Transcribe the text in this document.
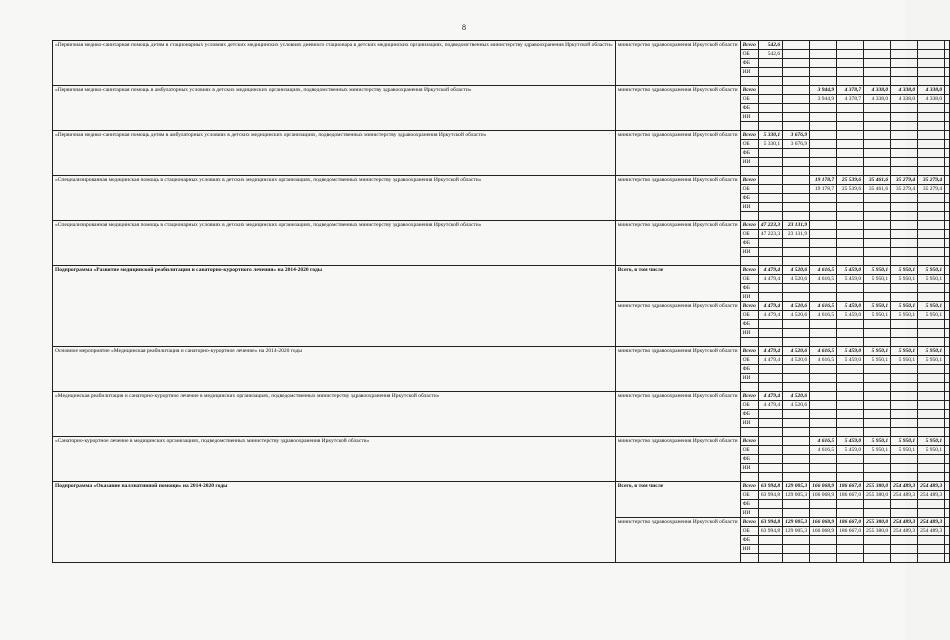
8
«Первичная медико-санитарная помощь детям в стационарных условиях детских медицинских условиях дневного стационара в детских медицинских организациях, подведомственных министерству здравоохранения Иркутской области»	министерство здравоохранения Иркутской области	Всего	542,6							
		ОБ	542,6							
		ФБ								
		ИИ								

«Первичная медико-санитарная помощь в амбулаторных условиях в детских медицинских организациях, подведомственных министерству здравоохранения Иркутской области»	министерство здравоохранения Иркутской области	Всего			3 944,9	4 378,7	4 338,0	4 338,0	4 338,0	
		ОБ			3 944,9	4 378,7	4 338,0	4 338,0	4 338,0	
		ФБ								
		ИИ								

«Первичная медико-санитарная помощь детям в амбулаторных условиях в детских медицинских организациях, подведомственных министерству здравоохранения Иркутской области»	министерство здравоохранения Иркутской области	Всего	5 330,1	3 676,9						
		ОБ	5 330,1	3 676,9						
		ФБ								
		ИИ								

«Специализированная медицинская помощь в стационарных условиях в детских медицинских организациях, подведомственных министерству здравоохранения Иркутской области»	министерство здравоохранения Иркутской области	Всего			19 178,7	25 539,6	35 461,6	35 279,4	35 279,4	
		ОБ			19 178,7	25 539,6	35 461,6	35 279,4	35 279,4	
		ФБ								
		ИИ								

«Специализированная медицинская помощь в стационарных условиях в детских медицинских организациях, подведомственных министерству здравоохранения Иркутской области»	министерство здравоохранения Иркутской области	Всего	47 223,3	23 131,9						
		ОБ	47 223,3	23 131,9						
		ФБ								
		ИИ								

Подпрограмма «Развитие медицинской реабилитации и санаторно-курортного лечения» на 2014-2020 годы	Всего, в том числе	Всего	4 479,4	4 520,6	4 616,5	5 459,0	5 950,1	5 950,1	5 950,1	
		ОБ	4 479,4	4 520,6	4 616,5	5 459,0	5 950,1	5 950,1	5 950,1	
		ФБ								
		ИИ								
	министерство здравоохранения Иркутской области	Всего	4 479,4	4 520,6	4 616,5	5 459,0	5 950,1	5 950,1	5 950,1	
		ОБ	4 479,4	4 520,6	4 616,5	5 459,0	5 950,1	5 950,1	5 950,1	
		ФБ								
		ИИ								

Основное мероприятие «Медицинская реабилитация и санаторно-курортное лечение» на 2014-2020 годы	министерство здравоохранения Иркутской области	Всего	4 479,4	4 520,6	4 616,5	5 459,0	5 950,1	5 950,1	5 950,1	
		ОБ	4 479,4	4 520,6	4 616,5	5 459,0	5 950,1	5 950,1	5 950,1	
		ФБ								
		ИИ								

«Медицинская реабилитация и санаторно-курортное лечение в медицинских организациях, подведомственных министерству здравоохранения Иркутской области»	министерство здравоохранения Иркутской области	Всего	4 479,4	4 520,6						
		ОБ	4 479,4	4 520,6						
		ФБ								
		ИИ								

«Санаторно-курортное лечение в медицинских организациях, подведомственных министерству здравоохранения Иркутской области»	министерство здравоохранения Иркутской области	Всего			4 616,5	5 459,0	5 950,1	5 950,1	5 950,1	
		ОБ			4 616,5	5 459,0	5 950,1	5 950,1	5 950,1	
		ФБ								
		ИИ								

Подпрограмма «Оказание паллиативной помощи» на 2014-2020 годы	Всего, в том числе	Всего	63 994,8	129 005,3	166 068,9	186 667,0	255 380,0	254 489,3	254 489,3	
		ОБ	63 994,8	129 005,3	166 068,9	186 667,0	255 380,0	254 489,3	254 489,3	
		ФБ								
		ИИ								
	министерство здравоохранения Иркутской области	Всего	63 994,8	129 005,3	166 068,9	186 667,0	255 380,0	254 489,3	254 489,3	
		ОБ	63 994,8	129 005,3	166 068,9	186 667,0	255 380,0	254 489,3	254 489,3	
		ФБ								
		ИИ								
